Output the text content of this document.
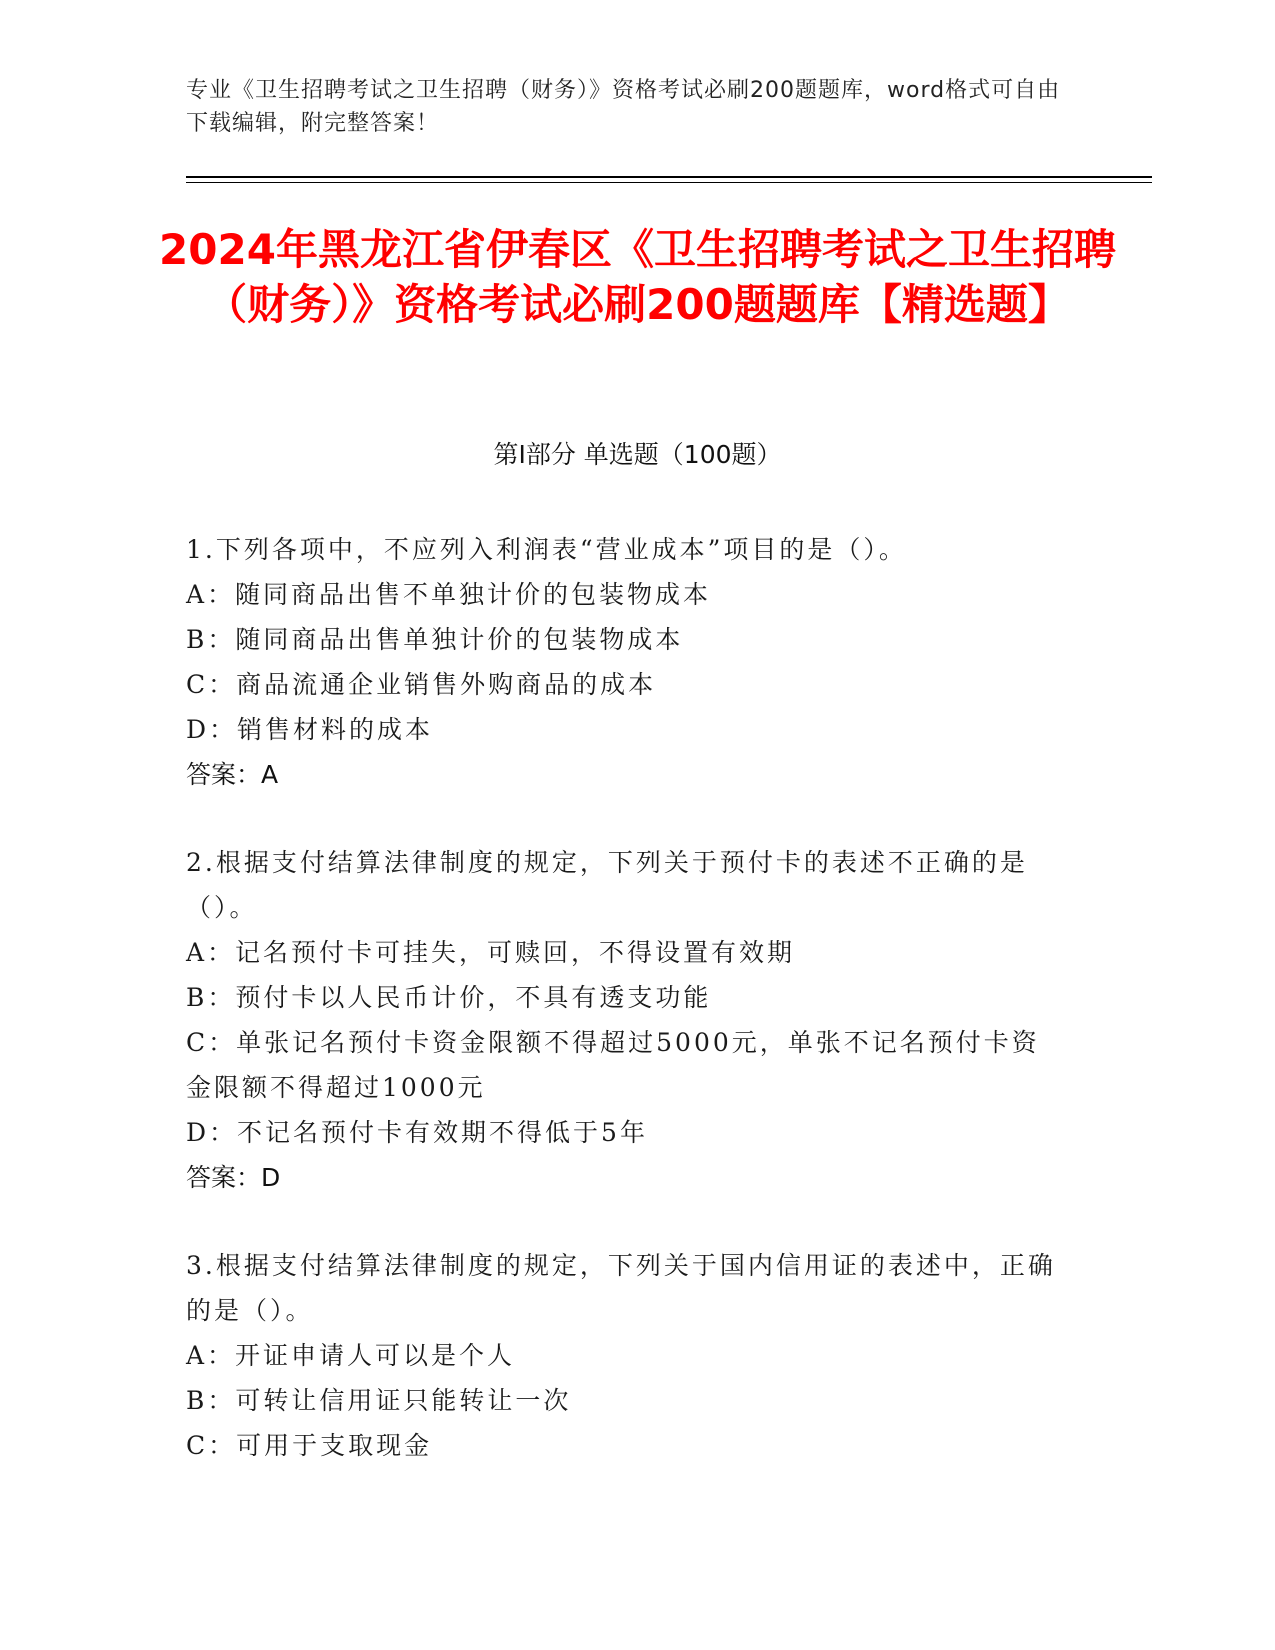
专业《卫生招聘考试之卫生招聘（财务）》资格考试必刷200题题库，word格式可自由下载编辑，附完整答案！
2024年黑龙江省伊春区《卫生招聘考试之卫生招聘（财务）》资格考试必刷200题题库【精选题】
第I部分 单选题（100题）

1.下列各项中，不应列入利润表“营业成本”项目的是（）。

A：随同商品出售不单独计价的包装物成本

B：随同商品出售单独计价的包装物成本

C：商品流通企业销售外购商品的成本

D：销售材料的成本

答案：A

2.根据支付结算法律制度的规定，下列关于预付卡的表述不正确的是（）。

A：记名预付卡可挂失，可赎回，不得设置有效期

B：预付卡以人民币计价，不具有透支功能

C：单张记名预付卡资金限额不得超过5000元，单张不记名预付卡资金限额不得超过1000元

D：不记名预付卡有效期不得低于5年

答案：D

3.根据支付结算法律制度的规定，下列关于国内信用证的表述中，正确的是（）。

A：开证申请人可以是个人

B：可转让信用证只能转让一次

C：可用于支取现金
